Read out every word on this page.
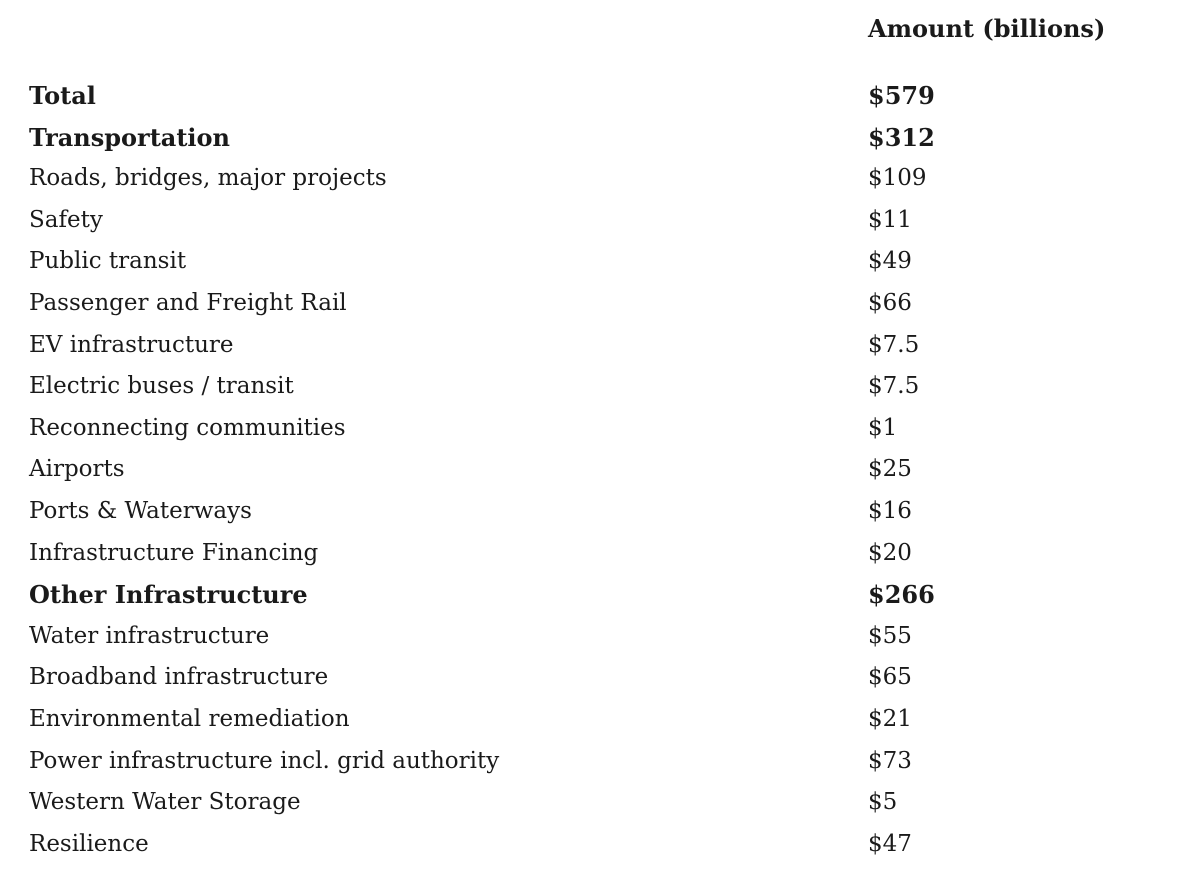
Amount (billions)
Total	$579
Transportation	$312
Roads, bridges, major projects	$109
Safety	$11
Public transit	$49
Passenger and Freight Rail	$66
EV infrastructure	$7.5
Electric buses / transit	$7.5
Reconnecting communities	$1
Airports	$25
Ports & Waterways	$16
Infrastructure Financing	$20
Other Infrastructure	$266
Water infrastructure	$55
Broadband infrastructure	$65
Environmental remediation	$21
Power infrastructure incl. grid authority	$73
Western Water Storage	$5
Resilience	$47
